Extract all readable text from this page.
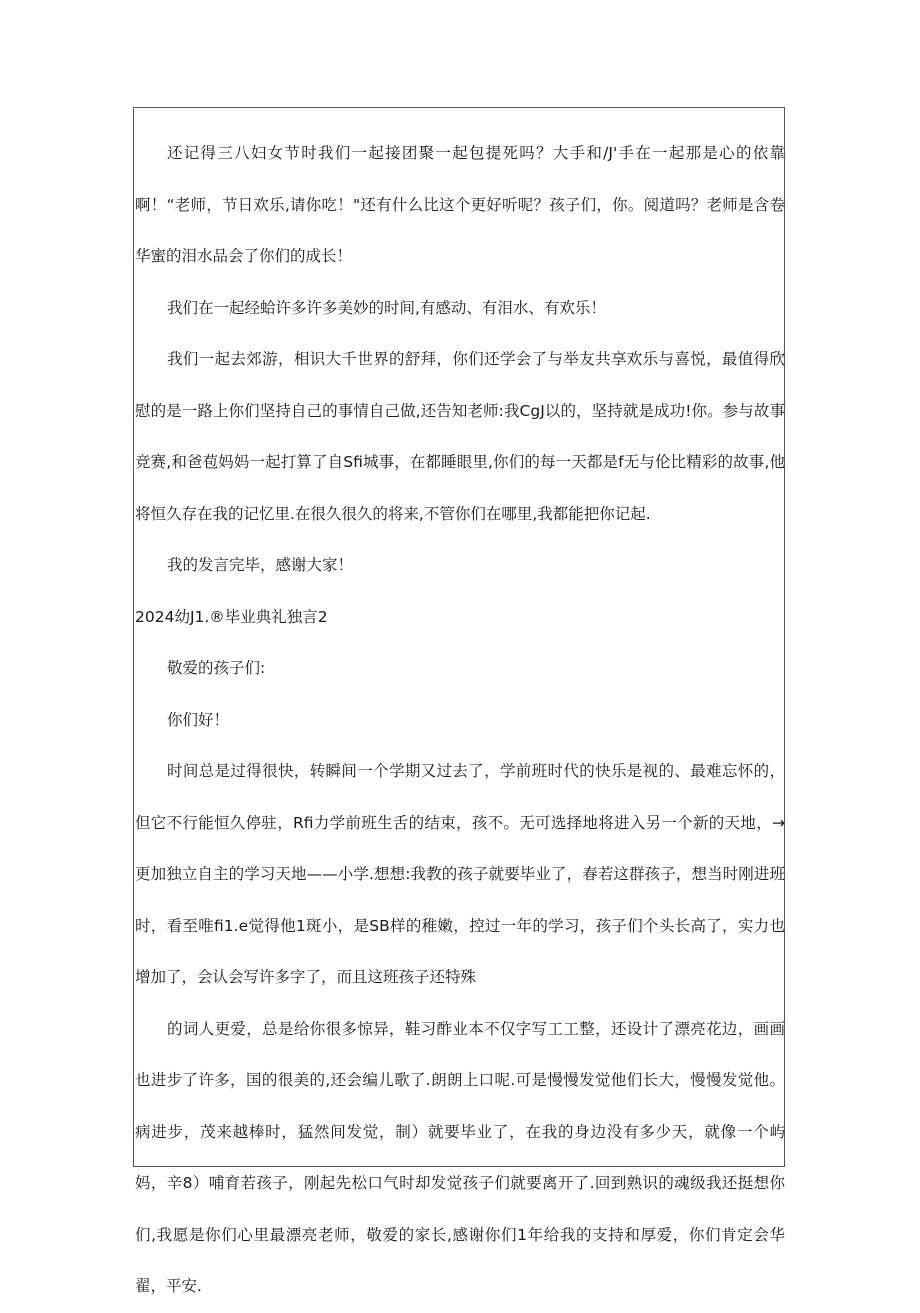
还记得三八妇女节时我们一起接团聚一起包提死吗？大手和∕J'手在一起那是心的依靠啊！“老师，节日欢乐,请你吃！"还有什么比这个更好听呢？孩子们，你。阅道吗？老师是含卷华蜜的泪水品会了你们的成长！

我们在一起经蛤许多许多美妙的时间,有感动、有泪水、有欢乐！

我们一起去郊游，相识大千世界的舒拜，你们还学会了与举友共享欢乐与喜悦，最值得欣慰的是一路上你们坚持自己的事情自己做,还告知老师:我CgJ以的，坚持就是成功!你。参与故事竞赛,和爸苞妈妈一起打算了自Sfi城事，在都睡眼里,你们的每一天都是f无与伦比精彩的故事,他将恒久存在我的记忆里.在很久很久的将来,不管你们在哪里,我都能把你记起.

我的发言完毕，感谢大家！

2024幼J1.®毕业典礼独言2

敬爱的孩子们:

你们好！

时间总是过得很快，转瞬间一个学期又过去了，学前班时代的快乐是视的、最难忘怀的，但它不行能恒久停驻，Rfi力学前班生舌的结束，孩不。无可选择地将进入另一个新的天地，→更加独立自主的学习天地——小学.想想:我教的孩子就要毕业了，春若这群孩子，想当时刚进班时，看至唯fi1.e觉得他1斑小，是SB样的稚嫩，控过一年的学习，孩子们个头长高了，实力也增加了，会认会写许多字了，而且这班孩子还特殊

的词人更爱，总是给你很多惊异，鞋习酢业本不仅字写工工整，还设计了漂亮花边，画画也进步了许多，国的很美的,还会编儿歌了.朗朗上口呢.可是慢慢发觉他们长大，慢慢发觉他。病进步，茂来越棒时，猛然间发觉，制）就要毕业了，在我的身边没有多少天，就像一个屿妈，辛8）哺育若孩子，刚起先松口气时却发觉孩子们就要离开了.回到熟识的魂级我还挺想你们,我愿是你们心里最漂亮老师，敬爱的家长,感谢你们1年给我的支持和厚爱，你们肯定会华翟，平安.
